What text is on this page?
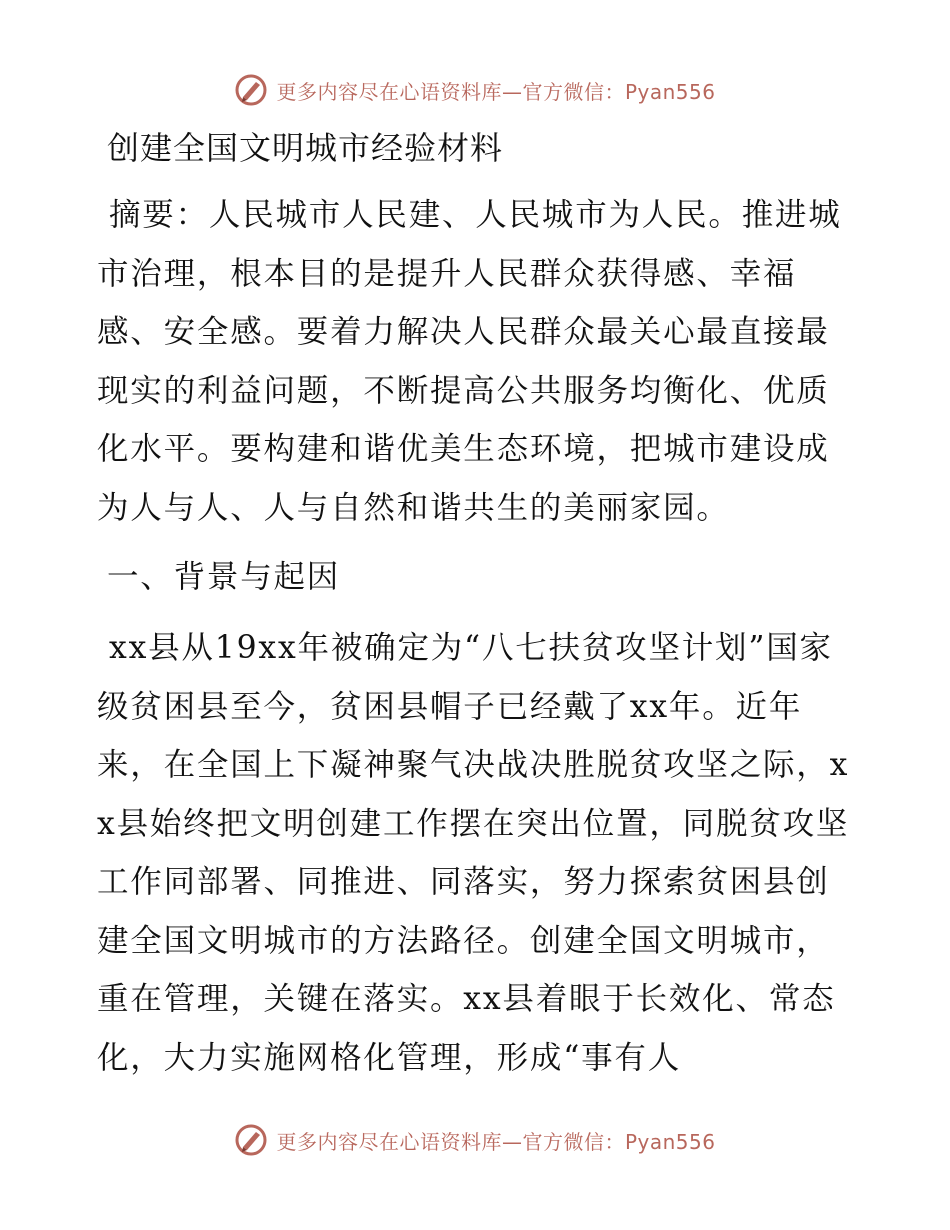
更多内容尽在心语资料库—官方微信：Pyan556
创建全国文明城市经验材料

摘要：人民城市人民建、人民城市为人民。推进城市治理，根本目的是提升人民群众获得感、幸福感、安全感。要着力解决人民群众最关心最直接最现实的利益问题，不断提高公共服务均衡化、优质化水平。要构建和谐优美生态环境，把城市建设成为人与人、人与自然和谐共生的美丽家园。

一、背景与起因

xx县从19xx年被确定为“八七扶贫攻坚计划”国家级贫困县至今，贫困县帽子已经戴了xx年。近年来，在全国上下凝神聚气决战决胜脱贫攻坚之际，xx县始终把文明创建工作摆在突出位置，同脱贫攻坚工作同部署、同推进、同落实，努力探索贫困县创建全国文明城市的方法路径。创建全国文明城市，重在管理，关键在落实。xx县着眼于长效化、常态化，大力实施网格化管理，形成“事有人

更多内容尽在心语资料库—官方微信：Pyan556
